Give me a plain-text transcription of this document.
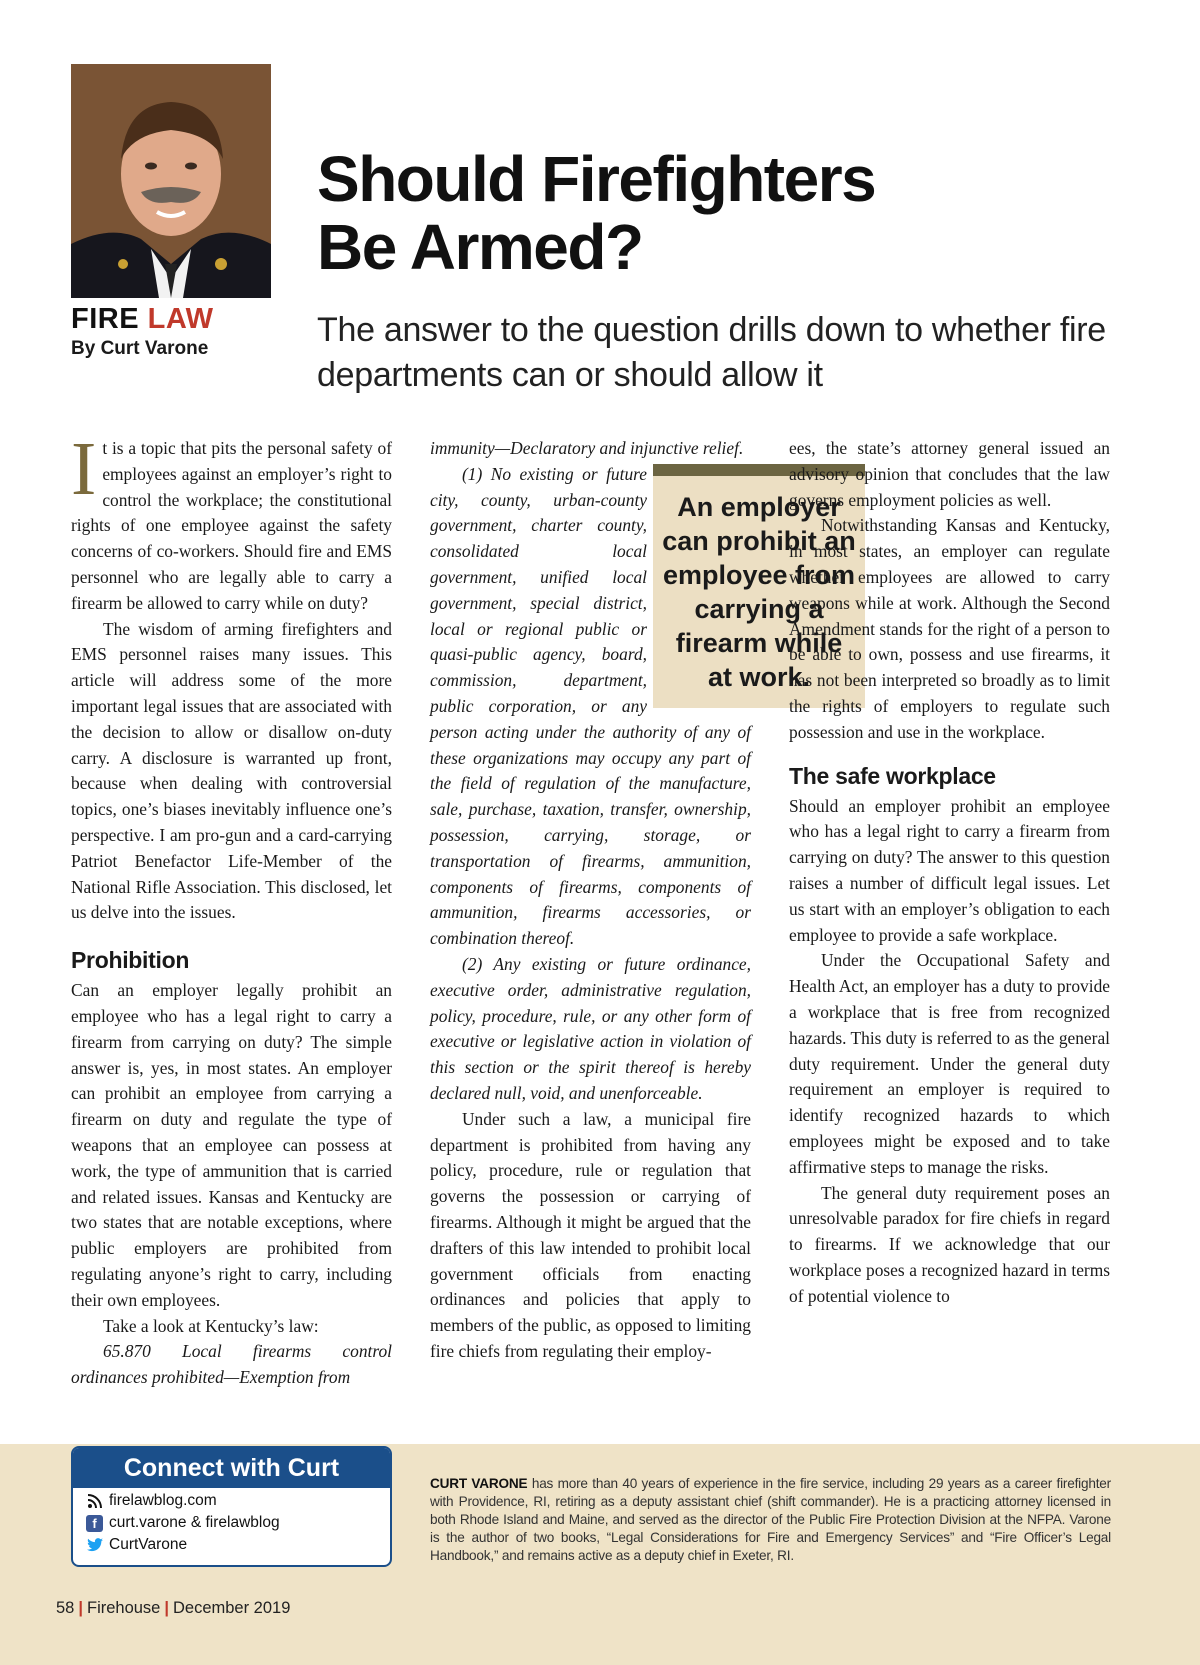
FIRE LAW
By Curt Varone
Should Firefighters
Be Armed?
The answer to the question drills down to whether fire
departments can or should allow it

It is a topic that pits the personal safety of employees against an employer’s right to control the workplace; the constitutional rights of one employee against the safety concerns of co-workers. Should fire and EMS personnel who are legally able to carry a firearm be allowed to carry while on duty?

The wisdom of arming firefighters and EMS personnel raises many issues. This article will address some of the more important legal issues that are associated with the decision to allow or disallow on-duty carry. A disclosure is warranted up front, because when dealing with controversial topics, one’s biases inevitably influence one’s perspective. I am pro-gun and a card-carrying Patriot Benefactor Life-Member of the National Rifle Association. This disclosed, let us delve into the issues.

Prohibition

Can an employer legally prohibit an employee who has a legal right to carry a firearm from carrying on duty? The simple answer is, yes, in most states. An employer can prohibit an employee from carrying a firearm on duty and regulate the type of weapons that an employee can possess at work, the type of ammunition that is carried and related issues. Kansas and Kentucky are two states that are notable exceptions, where public employers are prohibited from regulating anyone’s right to carry, including their own employees.

Take a look at Kentucky’s law:

65.870 Local firearms control ordinances prohibited—Exemption from

immunity—Declaratory and injunctive relief.

An employer can prohibit an employee from carrying a firearm while at work.

(1) No existing or future city, county, urban-county government, charter county, consolidated local government, unified local government, special district, local or regional public or quasi-public agency, board, commission, department, public corporation, or any person acting under the authority of any of these organizations may occupy any part of the field of regulation of the manufacture, sale, purchase, taxation, transfer, ownership, possession, carrying, storage, or transportation of firearms, ammunition, components of firearms, components of ammunition, firearms accessories, or combination thereof.

(2) Any existing or future ordinance, executive order, administrative regulation, policy, procedure, rule, or any other form of executive or legislative action in violation of this section or the spirit thereof is hereby declared null, void, and unenforceable.

Under such a law, a municipal fire department is prohibited from having any policy, procedure, rule or regulation that governs the possession or carrying of firearms. Although it might be argued that the drafters of this law intended to prohibit local government officials from enacting ordinances and policies that apply to members of the public, as opposed to limiting fire chiefs from regulating their employ-

ees, the state’s attorney general issued an advisory opinion that concludes that the law governs employment policies as well.

Notwithstanding Kansas and Kentucky, in most states, an employer can regulate whether employees are allowed to carry weapons while at work. Although the Second Amendment stands for the right of a person to be able to own, possess and use firearms, it has not been interpreted so broadly as to limit the rights of employers to regulate such possession and use in the workplace.

The safe workplace

Should an employer prohibit an employee who has a legal right to carry a firearm from carrying on duty? The answer to this question raises a number of difficult legal issues. Let us start with an employer’s obligation to each employee to provide a safe workplace.

Under the Occupational Safety and Health Act, an employer has a duty to provide a workplace that is free from recognized hazards. This duty is referred to as the general duty requirement. Under the general duty requirement an employer is required to identify recognized hazards to which employees might be exposed and to take affirmative steps to manage the risks.

The general duty requirement poses an unresolvable paradox for fire chiefs in regard to firearms. If we acknowledge that our workplace poses a recognized hazard in terms of potential violence to

Connect with Curt
firelawblog.com
f curt.varone & firelawblog
CurtVarone
CURT VARONE has more than 40 years of experience in the fire service, including 29 years as a career firefighter with Providence, RI, retiring as a deputy assistant chief (shift commander). He is a practicing attorney licensed in both Rhode Island and Maine, and served as the director of the Public Fire Protection Division at the NFPA. Varone is the author of two books, “Legal Considerations for Fire and Emergency Services” and “Fire Officer’s Legal Handbook,” and remains active as a deputy chief in Exeter, RI.
58 | Firehouse | December 2019
